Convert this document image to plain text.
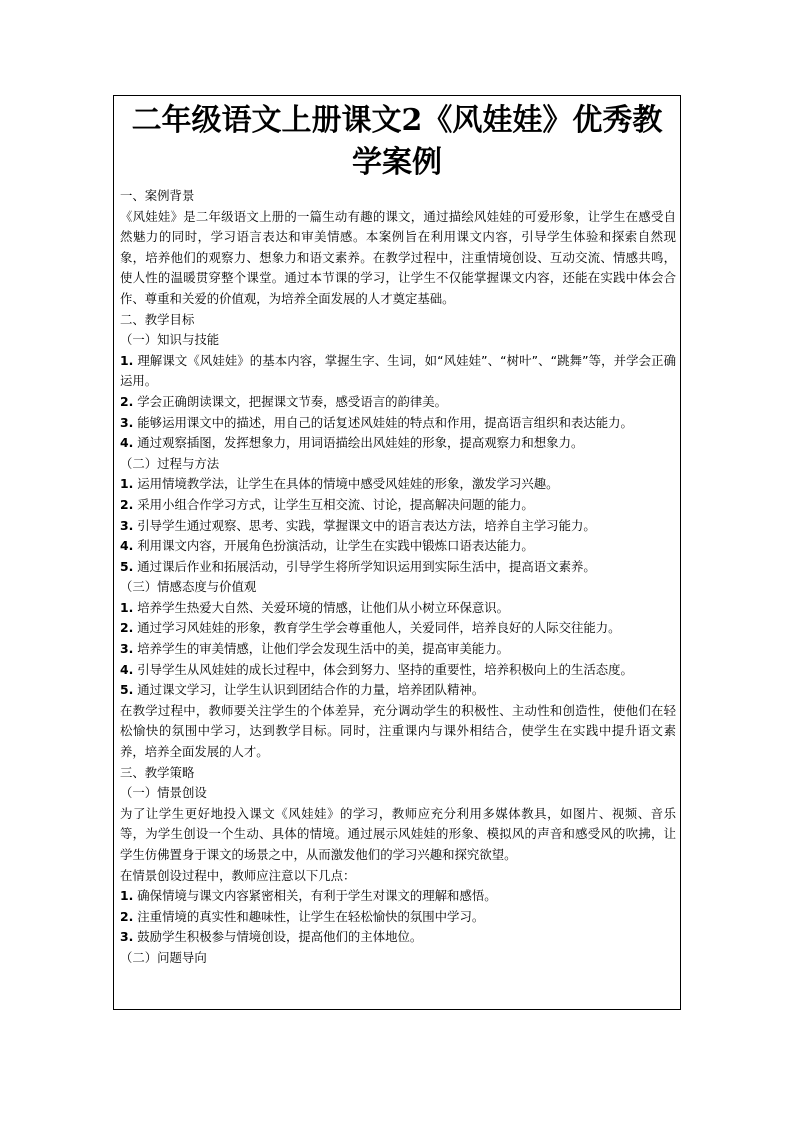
二年级语文上册课文2《风娃娃》优秀教学案例

一、案例背景

《风娃娃》是二年级语文上册的一篇生动有趣的课文，通过描绘风娃娃的可爱形象，让学生在感受自然魅力的同时，学习语言表达和审美情感。本案例旨在利用课文内容，引导学生体验和探索自然现象，培养他们的观察力、想象力和语文素养。在教学过程中，注重情境创设、互动交流、情感共鸣，使人性的温暖贯穿整个课堂。通过本节课的学习，让学生不仅能掌握课文内容，还能在实践中体会合作、尊重和关爱的价值观，为培养全面发展的人才奠定基础。

二、教学目标

（一）知识与技能

1. 理解课文《风娃娃》的基本内容，掌握生字、生词，如“风娃娃”、“树叶”、“跳舞”等，并学会正确运用。

2. 学会正确朗读课文，把握课文节奏，感受语言的韵律美。

3. 能够运用课文中的描述，用自己的话复述风娃娃的特点和作用，提高语言组织和表达能力。

4. 通过观察插图，发挥想象力，用词语描绘出风娃娃的形象，提高观察力和想象力。

（二）过程与方法

1. 运用情境教学法，让学生在具体的情境中感受风娃娃的形象，激发学习兴趣。

2. 采用小组合作学习方式，让学生互相交流、讨论，提高解决问题的能力。

3. 引导学生通过观察、思考、实践，掌握课文中的语言表达方法，培养自主学习能力。

4. 利用课文内容，开展角色扮演活动，让学生在实践中锻炼口语表达能力。

5. 通过课后作业和拓展活动，引导学生将所学知识运用到实际生活中，提高语文素养。

（三）情感态度与价值观

1. 培养学生热爱大自然、关爱环境的情感，让他们从小树立环保意识。

2. 通过学习风娃娃的形象，教育学生学会尊重他人，关爱同伴，培养良好的人际交往能力。

3. 培养学生的审美情感，让他们学会发现生活中的美，提高审美能力。

4. 引导学生从风娃娃的成长过程中，体会到努力、坚持的重要性，培养积极向上的生活态度。

5. 通过课文学习，让学生认识到团结合作的力量，培养团队精神。

在教学过程中，教师要关注学生的个体差异，充分调动学生的积极性、主动性和创造性，使他们在轻松愉快的氛围中学习，达到教学目标。同时，注重课内与课外相结合，使学生在实践中提升语文素养，培养全面发展的人才。

三、教学策略

（一）情景创设

为了让学生更好地投入课文《风娃娃》的学习，教师应充分利用多媒体教具，如图片、视频、音乐等，为学生创设一个生动、具体的情境。通过展示风娃娃的形象、模拟风的声音和感受风的吹拂，让学生仿佛置身于课文的场景之中，从而激发他们的学习兴趣和探究欲望。

在情景创设过程中，教师应注意以下几点：

1. 确保情境与课文内容紧密相关，有利于学生对课文的理解和感悟。

2. 注重情境的真实性和趣味性，让学生在轻松愉快的氛围中学习。

3. 鼓励学生积极参与情境创设，提高他们的主体地位。

（二）问题导向
